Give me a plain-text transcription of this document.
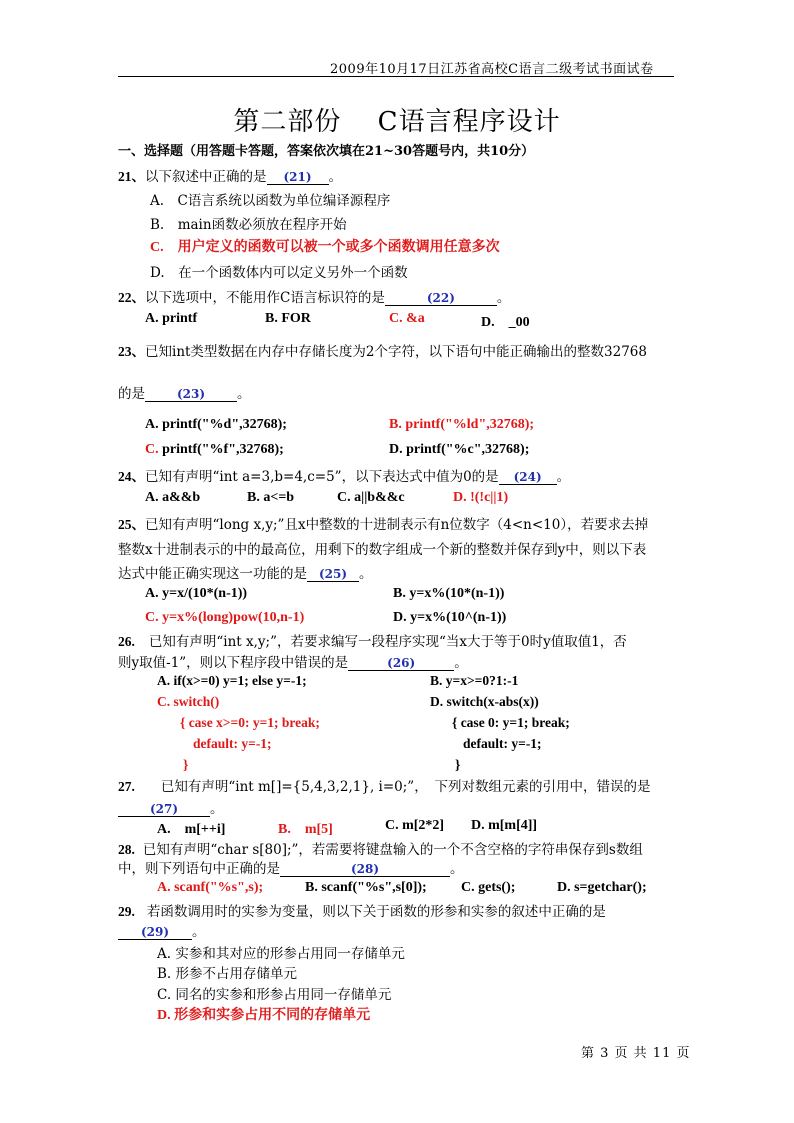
2009年10月17日江苏省高校C语言二级考试书面试卷
第二部份　 C语言程序设计
一、选择题（用答题卡答题，答案依次填在21~30答题号内，共10分）
21、以下叙述中正确的是 (21) 。
A.　C语言系统以函数为单位编译源程序
B.　main函数必须放在程序开始
C.　用户定义的函数可以被一个或多个函数调用任意多次
D.　在一个函数体内可以定义另外一个函数
22、以下选项中，不能用作C语言标识符的是	(22)	。
A. printf	B. FOR	C. &a	D.　_00
23、已知int类型数据在内存中存储长度为2个字符，以下语句中能正确输出的整数32768
的是	(23) 。
A. printf("%d",32768);	B. printf("%ld",32768);
C. printf("%f",32768);	D. printf("%c",32768);
24、已知有声明“int a=3,b=4,c=5”，以下表达式中值为0的是 (24) 。
A. a&&b	B. a<=b	C. a||b&&c	D. !(!c||1)
25、已知有声明“long x,y;”且x中整数的十进制表示有n位数字（4<n<10），若要求去掉
整数x十进制表示的中的最高位，用剩下的数字组成一个新的整数并保存到y中，则以下表
达式中能正确实现这一功能的是 (25) 。
A. y=x/(10*(n-1))	B. y=x%(10*(n-1))
C. y=x%(long)pow(10,n-1)	D. y=x%(10^(n-1))
26. 已知有声明“int x,y;”，若要求编写一段程序实现“当x大于等于0时y值取值1，否
则y取值-1”，则以下程序段中错误的是	(26)	。
A. if(x>=0) y=1; else y=-1;	B. y=x>=0?1:-1
C. switch()
{ case x>=0: y=1; break;
default: y=-1;
}
D. switch(x-abs(x))
{ case 0: y=1; break;
default: y=-1;
}
27. 已知有声明“int m[]={5,4,3,2,1}, i=0;”，　下列对数组元素的引用中，错误的是
(27) 。
A.　m[++i]	B.　m[5]	C. m[2*2] D. m[m[4]]
28. 已知有声明“char s[80];”，若需要将键盘输入的一个不含空格的字符串保存到s数组
中，则下列语句中正确的是	(28)	。
A. scanf("%s",s);	B. scanf("%s",s[0]); C. gets();	D. s=getchar();
29. 若函数调用时的实参为变量，则以下关于函数的形参和实参的叙述中正确的是
(29) 。
A. 实参和其对应的形参占用同一存储单元
B. 形参不占用存储单元
C. 同名的实参和形参占用同一存储单元
D. 形参和实参占用不同的存储单元
第 3 页 共 11 页
